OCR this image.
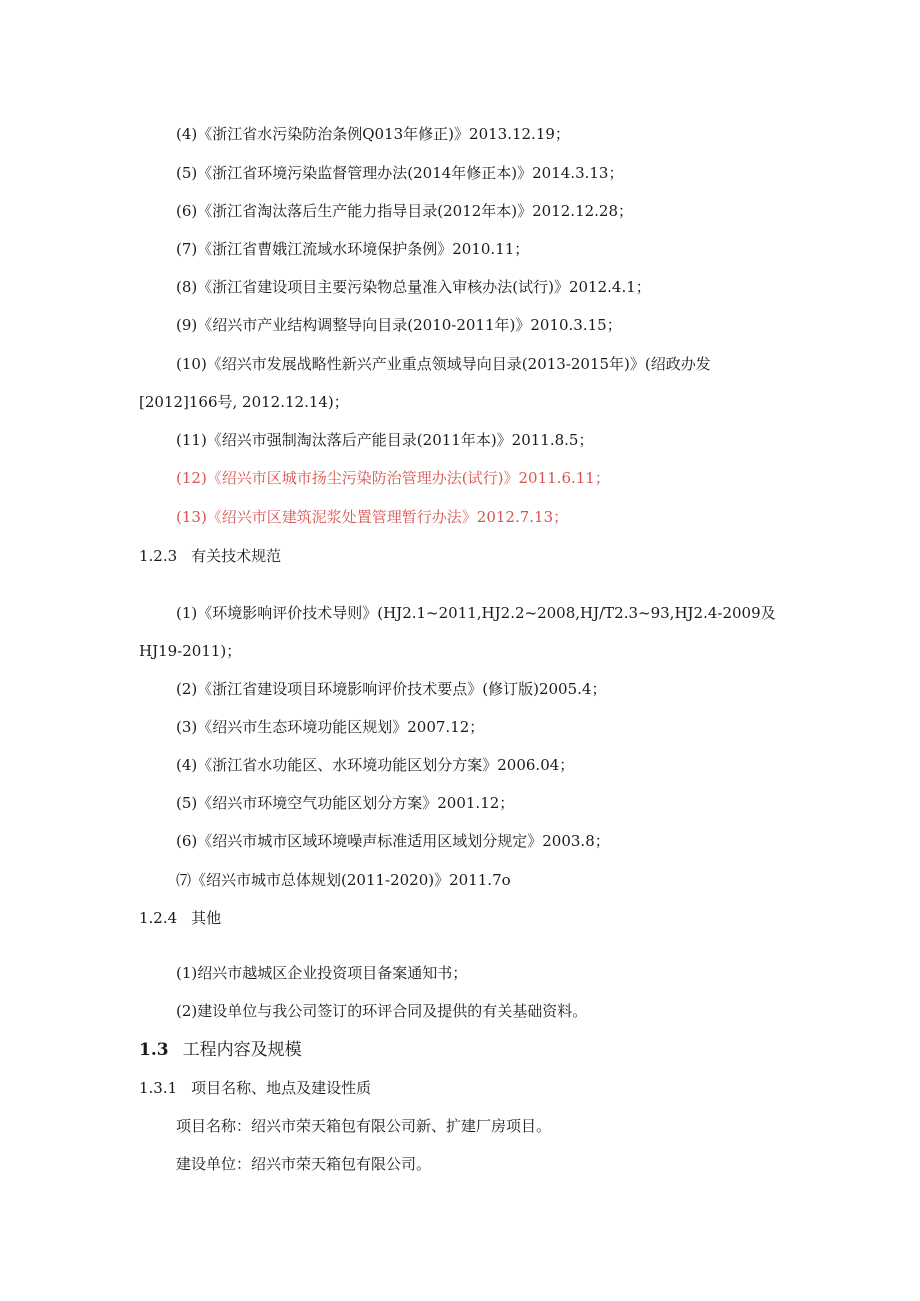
(4)《浙江省水污染防治条例Q013年修正)》2013.12.19；
(5)《浙江省环境污染监督管理办法(2014年修正本)》2014.3.13；
(6)《浙江省淘汰落后生产能力指导目录(2012年本)》2012.12.28；
(7)《浙江省曹娥江流域水环境保护条例》2010.11；
(8)《浙江省建设项目主要污染物总量准入审核办法(试行)》2012.4.1；
(9)《绍兴市产业结构调整导向目录(2010-2011年)》2010.3.15；
(10)《绍兴市发展战略性新兴产业重点领域导向目录(2013-2015年)》(绍政办发
[2012]166号, 2012.12.14)；
(11)《绍兴市强制淘汰落后产能目录(2011年本)》2011.8.5；
(12)《绍兴市区城市扬尘污染防治管理办法(试行)》2011.6.11；
(13)《绍兴市区建筑泥浆处置管理暂行办法》2012.7.13；
1.2.3 有关技术规范
(1)《环境影响评价技术导则》(HJ2.1~2011,HJ2.2~2008,HJ/T2.3~93,HJ2.4-2009及
HJ19-2011)；
(2)《浙江省建设项目环境影响评价技术要点》(修订版)2005.4；
(3)《绍兴市生态环境功能区规划》2007.12；
(4)《浙江省水功能区、水环境功能区划分方案》2006.04；
(5)《绍兴市环境空气功能区划分方案》2001.12；
(6)《绍兴市城市区域环境噪声标准适用区域划分规定》2003.8；
⑺《绍兴市城市总体规划(2011-2020)》2011.7o
1.2.4 其他
(1)绍兴市越城区企业投资项目备案通知书；
(2)建设单位与我公司签订的环评合同及提供的有关基础资料。
1.3 工程内容及规模
1.3.1 项目名称、地点及建设性质
项目名称：绍兴市荣天箱包有限公司新、扩建厂房项目。
建设单位：绍兴市荣天箱包有限公司。
